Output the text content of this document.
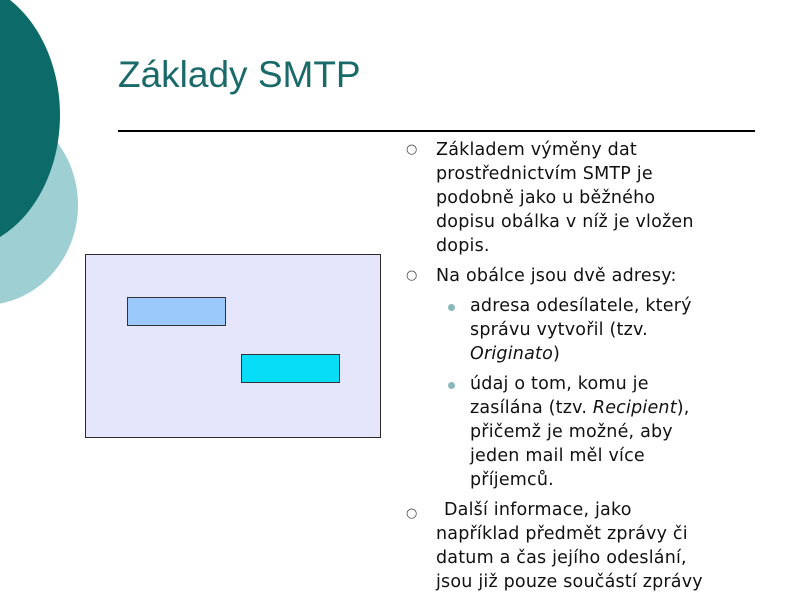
Základy SMTP
○ Základem výměny dat
prostřednictvím SMTP je
podobně jako u běžného
dopisu obálka v níž je vložen
dopis.
○ Na obálce jsou dvě adresy:
adresa odesílatele, který
správu vytvořil (tzv.
Originato)
údaj o tom, komu je
zasílána (tzv. Recipient),
přičemž je možné, aby
jeden mail měl více
příjemců.
○	Další informace, jako
například předmět zprávy či
datum a čas jejího odeslání,
jsou již pouze součástí zprávy
